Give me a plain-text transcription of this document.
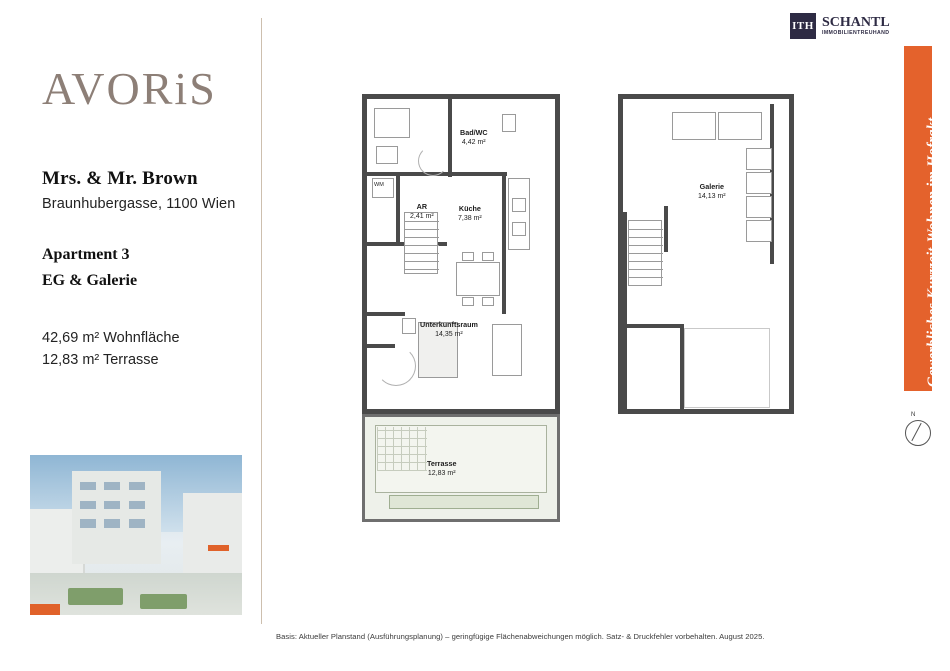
AVORiS
Mrs. & Mr. Brown
Braunhubergasse, 1100 Wien
Apartment 3
EG & Galerie
42,69 m² Wohnfläche
12,83 m² Terrasse
ITH SCHANTL
IMMOBILIENTREUHAND
Gewerbliches Kurzzeit-Wohnen im Hofrakt
N
Basis: Aktueller Planstand (Ausführungsplanung) – geringfügige Flächenabweichungen möglich. Satz- & Druckfehler vorbehalten. August 2025.
WM
Bad/WC
4,42 m²
AR
2,41 m²
Küche
7,38 m²
Unterkunftsraum
14,35 m²
Terrasse
12,83 m²
Galerie
14,13 m²
